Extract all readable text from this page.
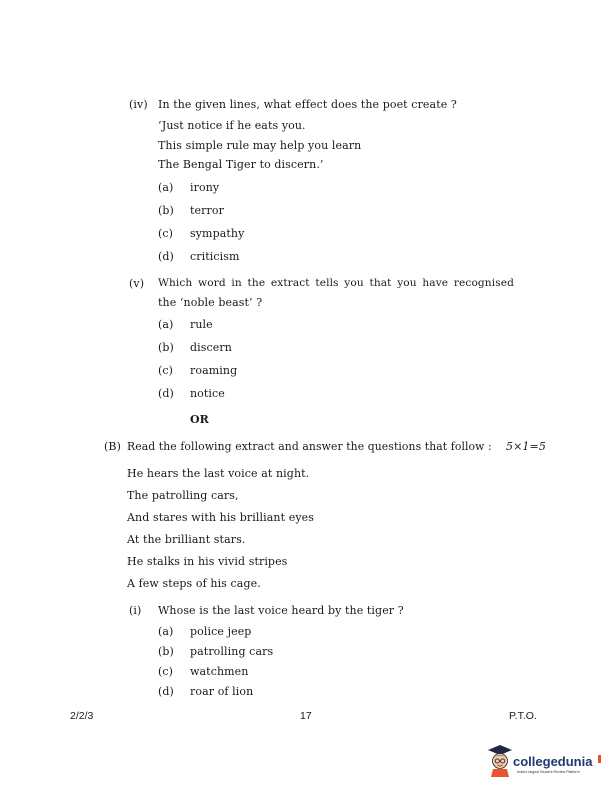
(iv) In the given lines, what effect does the poet create ?
‘Just notice if he eats you.
This simple rule may help you learn
The Bengal Tiger to discern.’
(a) irony
(b) terror
(c) sympathy
(d) criticism
(v) Which word in the extract tells you that you have recognised
the ‘noble beast’ ?
(a) rule
(b) discern
(c) roaming
(d) notice
OR
(B) Read the following extract and answer the questions that follow : 5×1=5
He hears the last voice at night.
The patrolling cars,
And stares with his brilliant eyes
At the brilliant stars.
He stalks in his vivid stripes
A few steps of his cage.
(i) Whose is the last voice heard by the tiger ?
(a) police jeep
(b) patrolling cars
(c) watchmen
(d) roar of lion
2/2/3	17	P.T.O.
collegedunia
India's largest Student Review Platform
